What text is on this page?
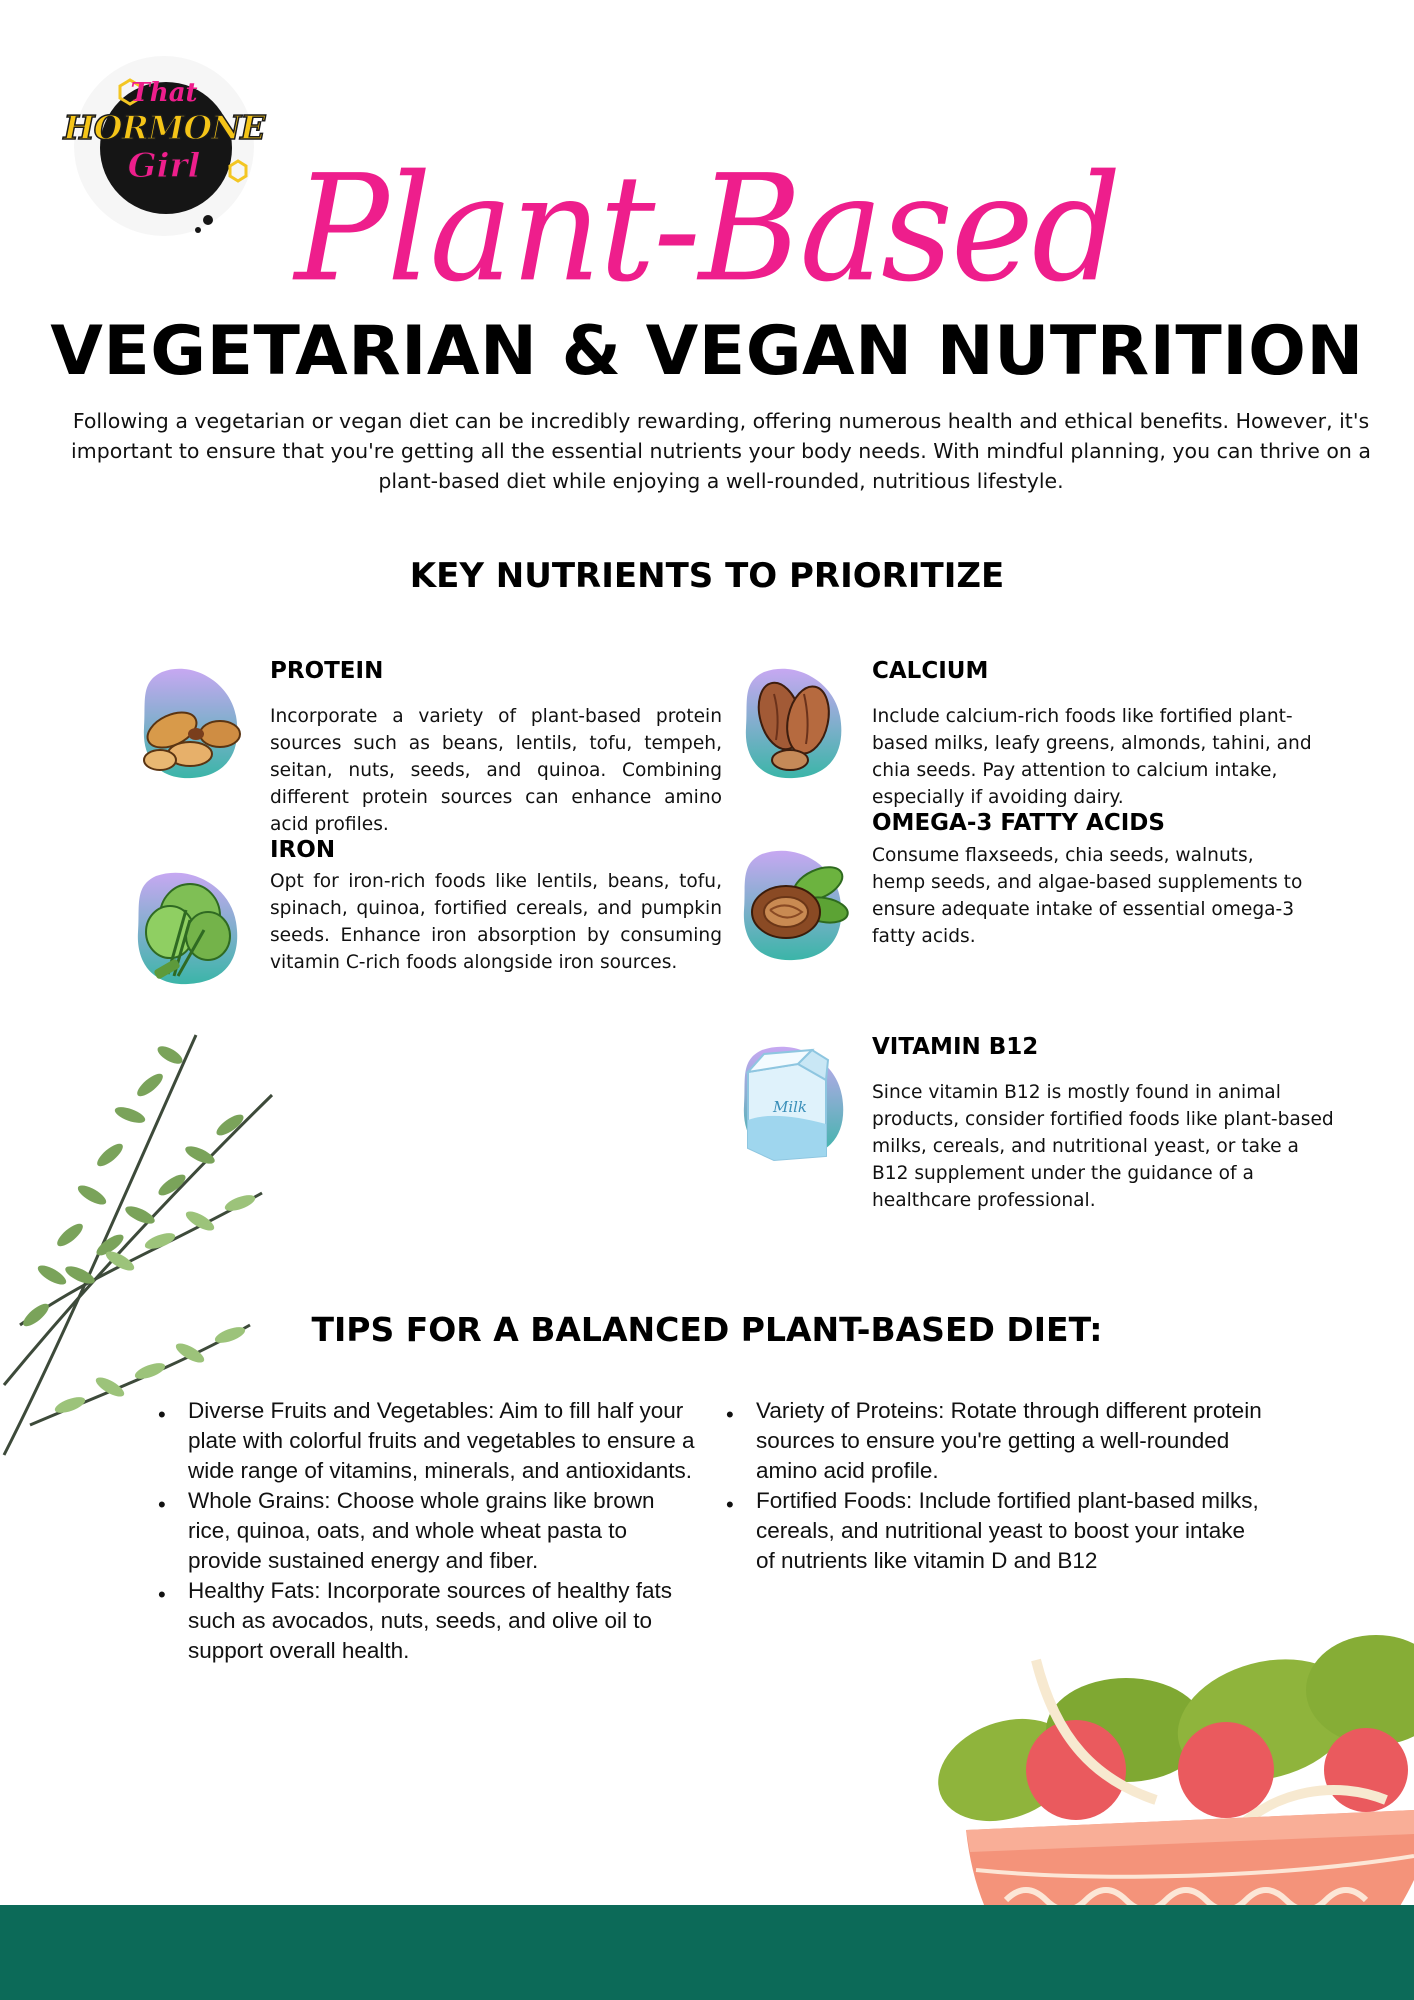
That
HORMONE
Girl Plant-Based
VEGETARIAN & VEGAN NUTRITION
Following a vegetarian or vegan diet can be incredibly rewarding, offering numerous health and ethical benefits. However, it's important to ensure that you're getting all the essential nutrients your body needs. With mindful planning, you can thrive on a plant-based diet while enjoying a well-rounded, nutritious lifestyle.
KEY NUTRIENTS TO PRIORITIZE
PROTEIN
Incorporate a variety of plant-based protein sources such as beans, lentils, tofu, tempeh, seitan, nuts, seeds, and quinoa. Combining different protein sources can enhance amino acid profiles.
IRON
Opt for iron-rich foods like lentils, beans, tofu, spinach, quinoa, fortified cereals, and pumpkin seeds. Enhance iron absorption by consuming vitamin C-rich foods alongside iron sources.
CALCIUM
Include calcium-rich foods like fortified plant-based milks, leafy greens, almonds, tahini, and chia seeds. Pay attention to calcium intake, especially if avoiding dairy.
OMEGA-3 FATTY ACIDS
Consume flaxseeds, chia seeds, walnuts, hemp seeds, and algae-based supplements to ensure adequate intake of essential omega-3 fatty acids.
Milk
VITAMIN B12
Since vitamin B12 is mostly found in animal products, consider fortified foods like plant-based milks, cereals, and nutritional yeast, or take a B12 supplement under the guidance of a healthcare professional.
TIPS FOR A BALANCED PLANT-BASED DIET:
• Diverse Fruits and Vegetables: Aim to fill half your plate with colorful fruits and vegetables to ensure a wide range of vitamins, minerals, and antioxidants.
• Whole Grains: Choose whole grains like brown rice, quinoa, oats, and whole wheat pasta to provide sustained energy and fiber.
• Healthy Fats: Incorporate sources of healthy fats such as avocados, nuts, seeds, and olive oil to support overall health.
• Variety of Proteins: Rotate through different protein sources to ensure you're getting a well-rounded amino acid profile.
• Fortified Foods: Include fortified plant-based milks, cereals, and nutritional yeast to boost your intake of nutrients like vitamin D and B12
